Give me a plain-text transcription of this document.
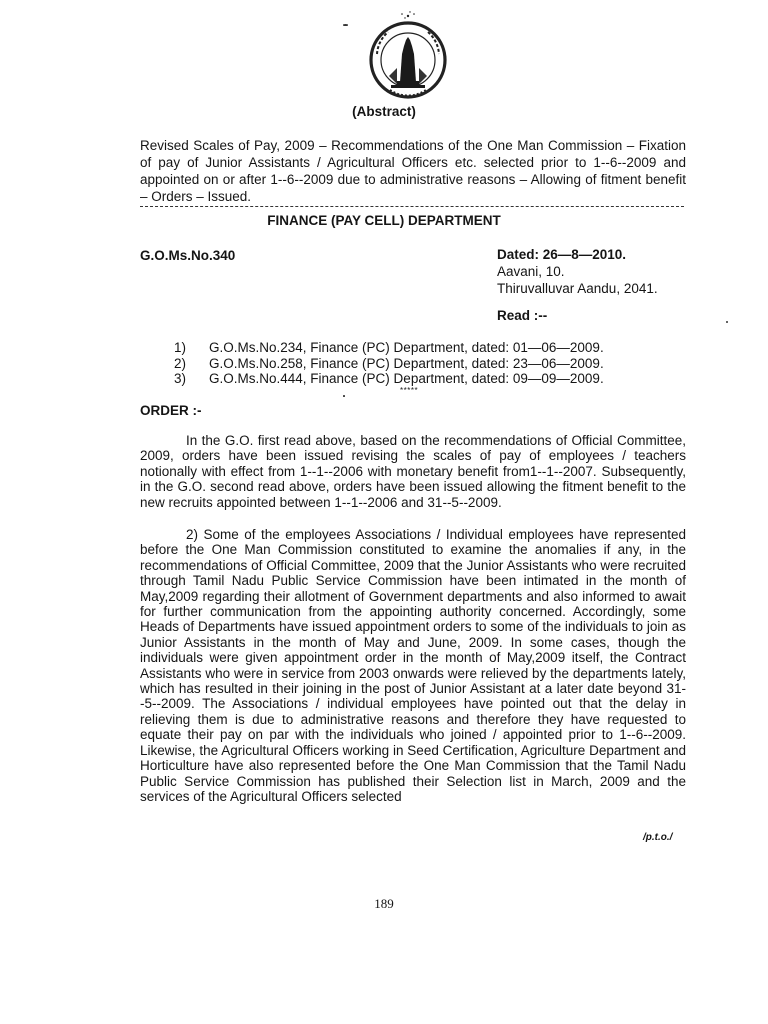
(Abstract)
Revised Scales of Pay, 2009 – Recommendations of the One Man Commission – Fixation of pay of Junior Assistants / Agricultural Officers etc. selected prior to 1--6--2009 and appointed on or after 1--6--2009 due to administrative reasons – Allowing of fitment benefit – Orders – Issued.
FINANCE (PAY CELL) DEPARTMENT
G.O.Ms.No.340	Dated: 26—8—2010.
Aavani, 10.
Thiruvalluvar Aandu, 2041.
Read :--
1)	G.O.Ms.No.234, Finance (PC) Department, dated: 01—06—2009.
2)	G.O.Ms.No.258, Finance (PC) Department, dated: 23—06—2009.
3)	G.O.Ms.No.444, Finance (PC) Department, dated: 09—09—2009.
*****
ORDER :-
In the G.O. first read above, based on the recommendations of Official Committee, 2009, orders have been issued revising the scales of pay of employees / teachers notionally with effect from 1--1--2006 with monetary benefit from1--1--2007. Subsequently, in the G.O. second read above, orders have been issued allowing the fitment benefit to the new recruits appointed between 1--1--2006 and 31--5--2009.
2) Some of the employees Associations / Individual employees have represented before the One Man Commission constituted to examine the anomalies if any, in the recommendations of Official Committee, 2009 that the Junior Assistants who were recruited through Tamil Nadu Public Service Commission have been intimated in the month of May,2009 regarding their allotment of Government departments and also informed to await for further communication from the appointing authority concerned. Accordingly, some Heads of Departments have issued appointment orders to some of the individuals to join as Junior Assistants in the month of May and June, 2009. In some cases, though the individuals were given appointment order in the month of May,2009 itself, the Contract Assistants who were in service from 2003 onwards were relieved by the departments lately, which has resulted in their joining in the post of Junior Assistant at a later date beyond 31--5--2009. The Associations / individual employees have pointed out that the delay in relieving them is due to administrative reasons and therefore they have requested to equate their pay on par with the individuals who joined / appointed prior to 1--6--2009. Likewise, the Agricultural Officers working in Seed Certification, Agriculture Department and Horticulture have also represented before the One Man Commission that the Tamil Nadu Public Service Commission has published their Selection list in March, 2009 and the services of the Agricultural Officers selected
/p.t.o./
189
